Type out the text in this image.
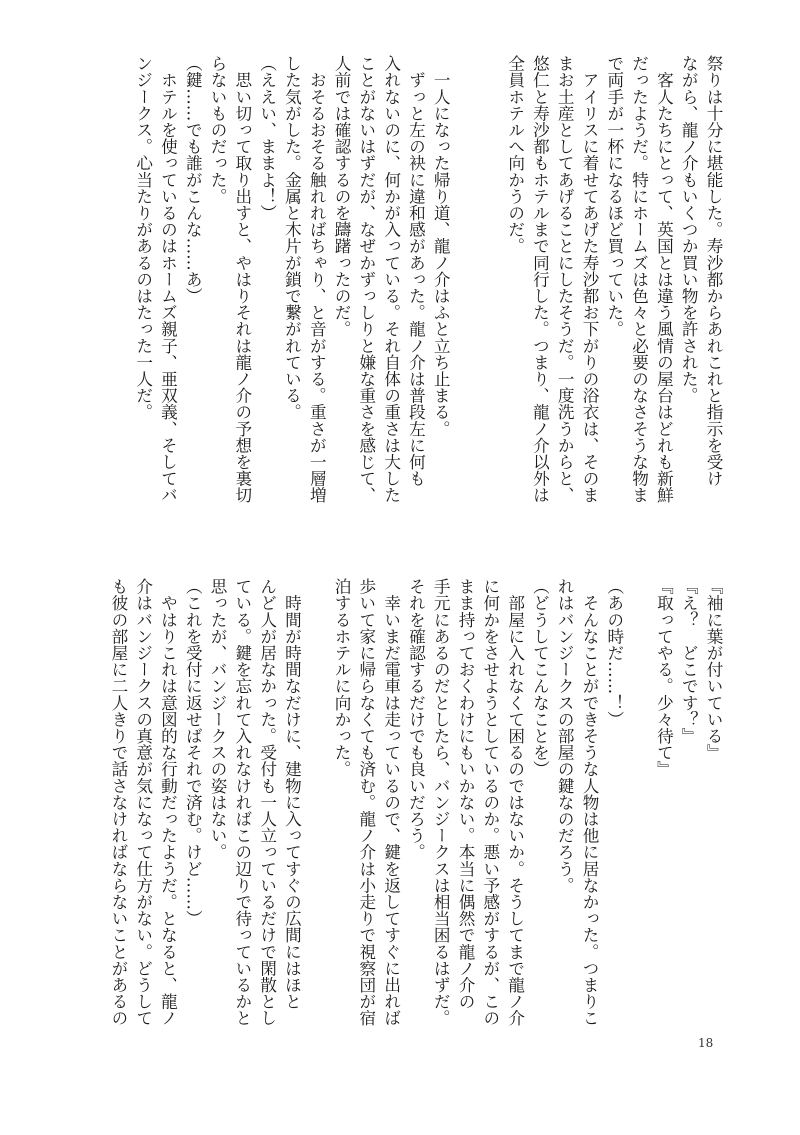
祭りは十分に堪能した。寿沙都からあれこれと指示を受け
ながら、龍ノ介もいくつか買い物を許された。
　客人たちにとって、英国とは違う風情の屋台はどれも新鮮
だったようだ。特にホームズは色々と必要のなさそうな物ま
で両手が一杯になるほど買っていた。
　アイリスに着せてあげた寿沙都お下がりの浴衣は、そのま
まお土産としてあげることにしたそうだ。一度洗うからと、
悠仁と寿沙都もホテルまで同行した。つまり、龍ノ介以外は
全員ホテルへ向かうのだ。
　一人になった帰り道、龍ノ介はふと立ち止まる。
　ずっと左の袂に違和感があった。龍ノ介は普段左に何も
入れないのに、何かが入っている。それ自体の重さは大した
ことがないはずだが、なぜかずっしりと嫌な重さを感じて、
人前では確認するのを躊躇ったのだ。
　おそるおそる触れればちゃり、と音がする。重さが一層増
した気がした。金属と木片が鎖で繋がれている。
（ええい、ままよ！）
　思い切って取り出すと、やはりそれは龍ノ介の予想を裏切
らないものだった。
（鍵……でも誰がこんな……あ）
　ホテルを使っているのはホームズ親子、亜双義、そしてバ
ンジークス。心当たりがあるのはたった一人だ。
『袖に葉が付いている』
『え？　どこです？』
『取ってやる。少々待て』
（あの時だ……！）
　そんなことができそうな人物は他に居なかった。つまりこ
れはバンジークスの部屋の鍵なのだろう。
（どうしてこんなことを）
　部屋に入れなくて困るのではないか。そうしてまで龍ノ介
に何かをさせようとしているのか。悪い予感がするが、この
まま持っておくわけにもいかない。本当に偶然で龍ノ介の
手元にあるのだとしたら、バンジークスは相当困るはずだ。
それを確認するだけでも良いだろう。
　幸いまだ電車は走っているので、鍵を返してすぐに出れば
歩いて家に帰らなくても済む。龍ノ介は小走りで視察団が宿
泊するホテルに向かった。
　時間が時間なだけに、建物に入ってすぐの広間にはほと
んど人が居なかった。受付も一人立っているだけで閑散とし
ている。鍵を忘れて入れなければこの辺りで待っているかと
思ったが、バンジークスの姿はない。
（これを受付に返せばそれで済む。けど……）
　やはりこれは意図的な行動だったようだ。となると、龍ノ
介はバンジークスの真意が気になって仕方がない。どうして
も彼の部屋に二人きりで話さなければならないことがあるの
18
